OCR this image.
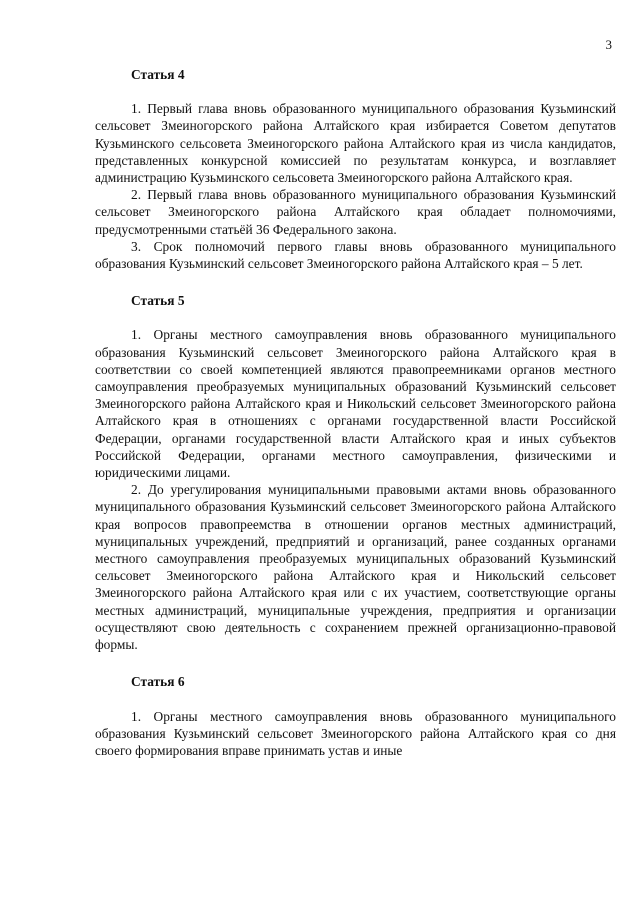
3
Статья 4

1. Первый глава вновь образованного муниципального образования Кузьминский сельсовет Змеиногорского района Алтайского края избирается Советом депутатов Кузьминского сельсовета Змеиногорского района Алтайского края из числа кандидатов, представленных конкурсной комиссией по результатам конкурса, и возглавляет администрацию Кузьминского сельсовета Змеиногорского района Алтайского края.

2. Первый глава вновь образованного муниципального образования Кузьминский сельсовет Змеиногорского района Алтайского края обладает полномочиями, предусмотренными статьёй 36 Федерального закона.

3. Срок полномочий первого главы вновь образованного муниципального образования Кузьминский сельсовет Змеиногорского района Алтайского края – 5 лет.

Статья 5

1. Органы местного самоуправления вновь образованного муниципального образования Кузьминский сельсовет Змеиногорского района Алтайского края в соответствии со своей компетенцией являются правопреемниками органов местного самоуправления преобразуемых муниципальных образований Кузьминский сельсовет Змеиногорского района Алтайского края и Никольский сельсовет Змеиногорского района Алтайского края в отношениях с органами государственной власти Российской Федерации, органами государственной власти Алтайского края и иных субъектов Российской Федерации, органами местного самоуправления, физическими и юридическими лицами.

2. До урегулирования муниципальными правовыми актами вновь образованного муниципального образования Кузьминский сельсовет Змеиногорского района Алтайского края вопросов правопреемства в отношении органов местных администраций, муниципальных учреждений, предприятий и организаций, ранее созданных органами местного самоуправления преобразуемых муниципальных образований Кузьминский сельсовет Змеиногорского района Алтайского края и Никольский сельсовет Змеиногорского района Алтайского края или с их участием, соответствующие органы местных администраций, муниципальные учреждения, предприятия и организации осуществляют свою деятельность с сохранением прежней организационно-правовой формы.

Статья 6

1. Органы местного самоуправления вновь образованного муниципального образования Кузьминский сельсовет Змеиногорского района Алтайского края со дня своего формирования вправе принимать устав и иные
